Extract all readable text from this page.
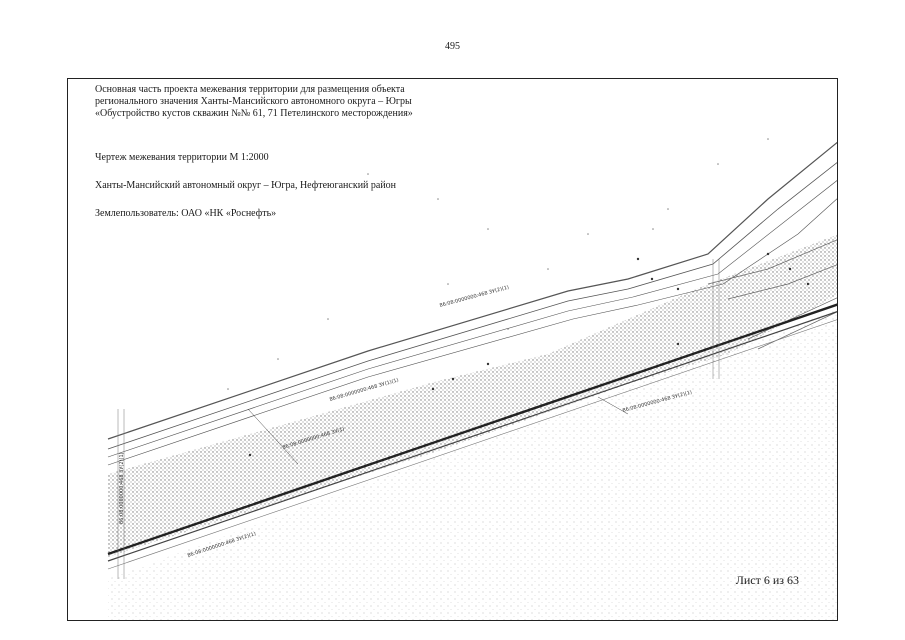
495
86:08:0000000:468 ЗУ(2)(1)
86:08:0000000:468 ЗУ(1)(1)
86:08:0000000:468 ЗУ(1)
86:08:0000000:468 ЗУ(2)(1)
86:08:0000000:468 ЗУ(2)(1)
86:08:0000000:468 ЗУ(2)(1)
Основная часть проекта межевания территории для размещения объекта
регионального значения Ханты-Мансийского автономного округа – Югры
«Обустройство кустов скважин №№ 61, 71 Петелинского месторождения»
Чертеж межевания территории М 1:2000
Ханты-Мансийский автономный округ – Югра, Нефтеюганский район
Землепользователь: ОАО «НК «Роснефть»
Лист 6 из 63
